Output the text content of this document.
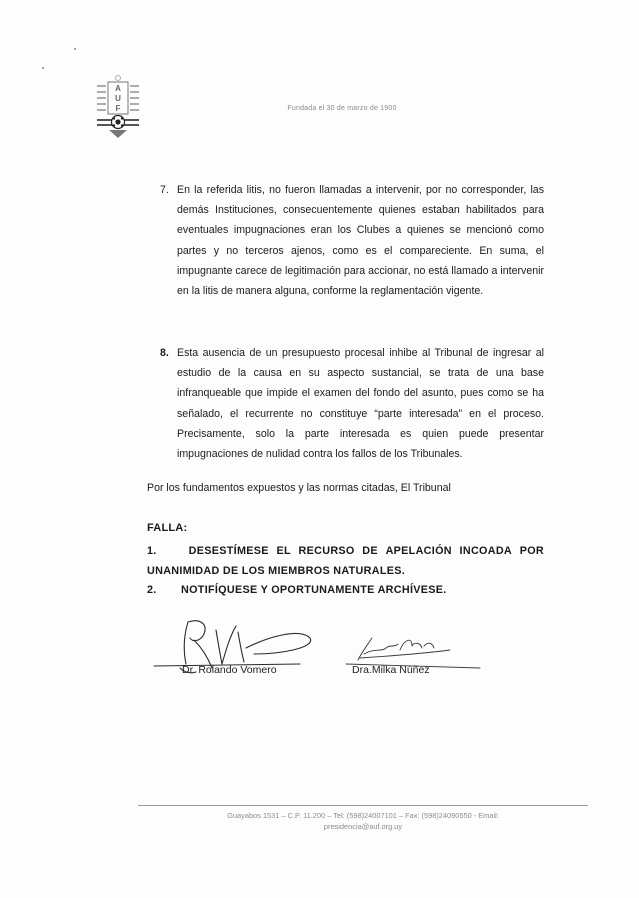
A
U
F	Fundada el 30 de marzo de 1900
7. En la referida litis, no fueron llamadas a intervenir, por no corresponder, las demás Instituciones, consecuentemente quienes estaban habilitados para eventuales impugnaciones eran los Clubes a quienes se mencionó como partes y no terceros ajenos, como es el compareciente. En suma, el impugnante carece de legitimación para accionar, no está llamado a intervenir en la litis de manera alguna, conforme la reglamentación vigente.
8. Esta ausencia de un presupuesto procesal inhibe al Tribunal de ingresar al estudio de la causa en su aspecto sustancial, se trata de una base infranqueable que impide el examen del fondo del asunto, pues como se ha señalado, el recurrente no constituye “parte interesada” en el proceso. Precisamente, solo la parte interesada es quien puede presentar impugnaciones de nulidad contra los fallos de los Tribunales.
Por los fundamentos expuestos y las normas citadas, El Tribunal
FALLA:
1.	DESESTÍMESE EL RECURSO DE APELACIÓN INCOADA POR
UNANIMIDAD DE LOS MIEMBROS NATURALES.
2. NOTIFÍQUESE Y OPORTUNAMENTE ARCHÍVESE.
Dr. Rolando Vomero	Dra.Milka Núñez
Guayabos 1531 – C.P. 11.200 – Tel: (598)24007101 – Fax: (598)24090550 - Email:
presidencia@auf.org.uy
